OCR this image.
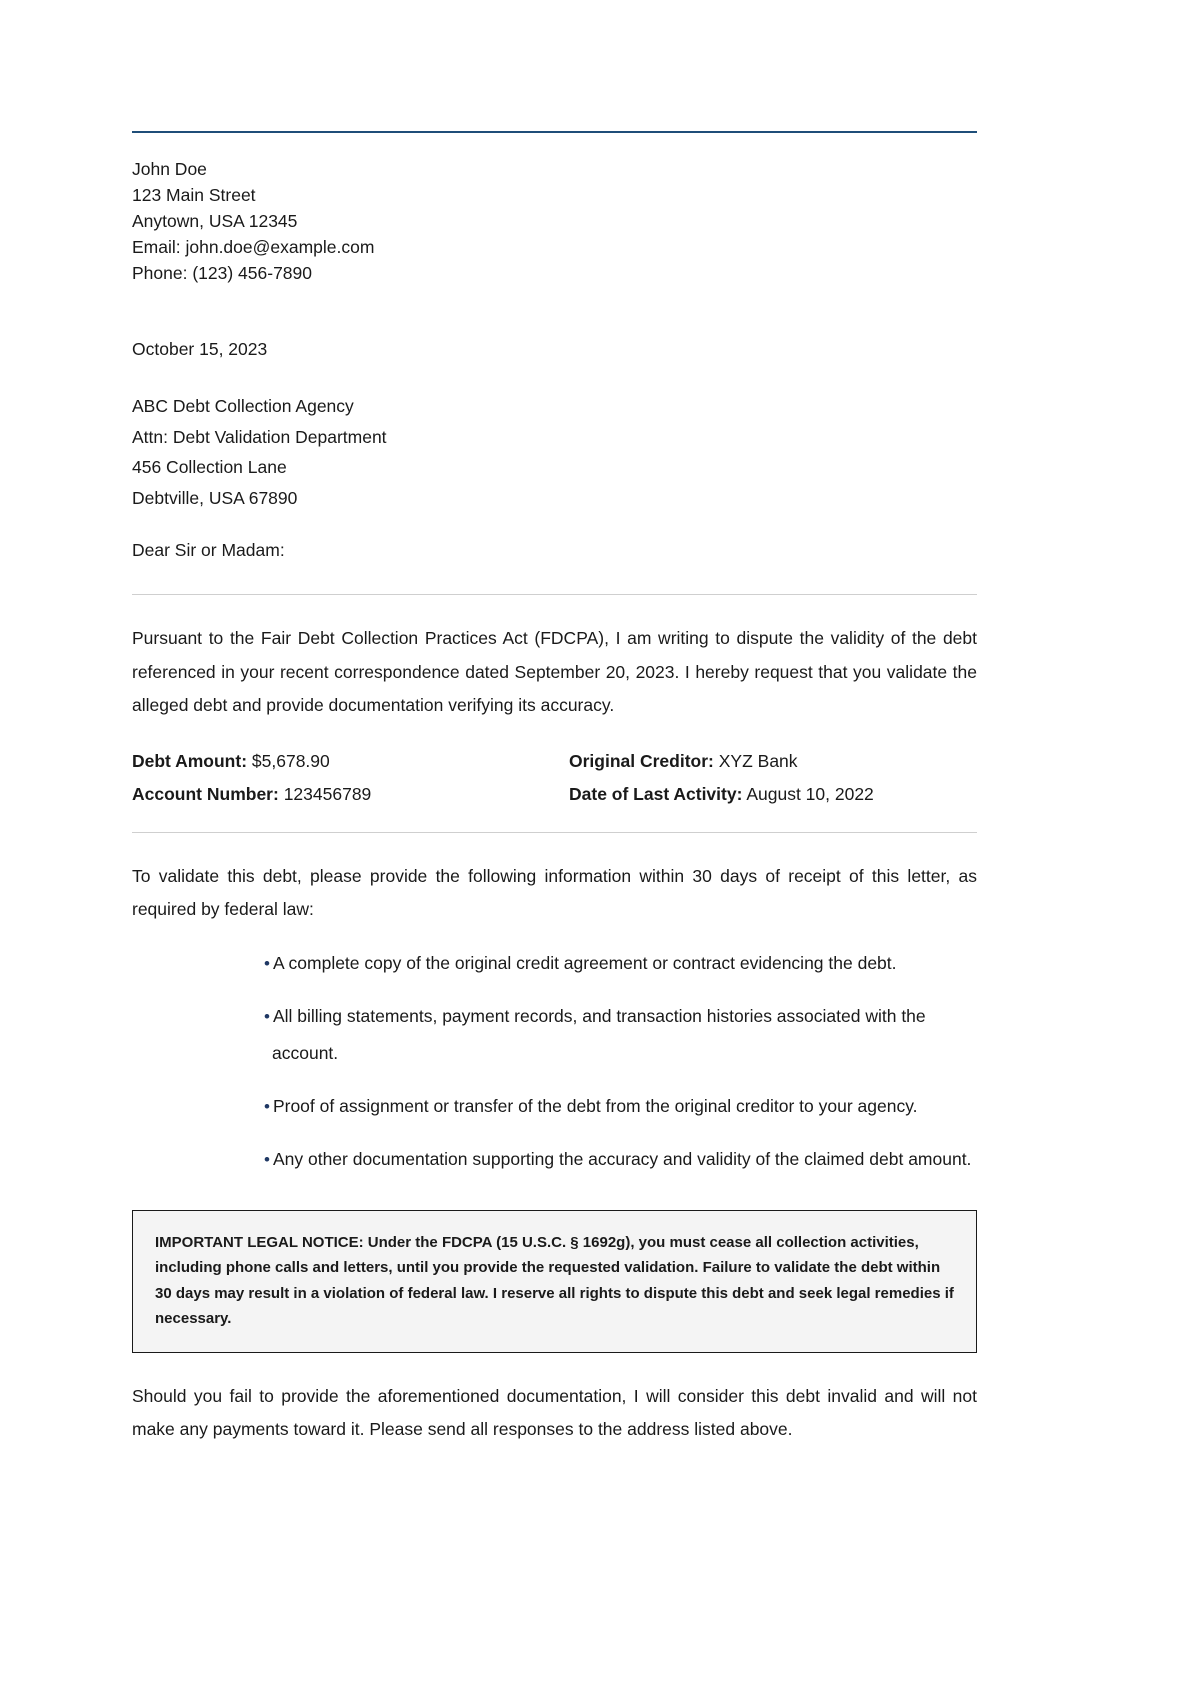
John Doe
123 Main Street
Anytown, USA 12345
Email: john.doe@example.com
Phone: (123) 456-7890
October 15, 2023
ABC Debt Collection Agency
Attn: Debt Validation Department
456 Collection Lane
Debtville, USA 67890
Dear Sir or Madam:
Pursuant to the Fair Debt Collection Practices Act (FDCPA), I am writing to dispute the validity of the debt referenced in your recent correspondence dated September 20, 2023. I hereby request that you validate the alleged debt and provide documentation verifying its accuracy.
Debt Amount: $5,678.90	Original Creditor: XYZ Bank
Account Number: 123456789	Date of Last Activity: August 10, 2022
To validate this debt, please provide the following information within 30 days of receipt of this letter, as required by federal law:
• A complete copy of the original credit agreement or contract evidencing the debt.
• All billing statements, payment records, and transaction histories associated with the account.
• Proof of assignment or transfer of the debt from the original creditor to your agency.
• Any other documentation supporting the accuracy and validity of the claimed debt amount.
IMPORTANT LEGAL NOTICE: Under the FDCPA (15 U.S.C. § 1692g), you must cease all collection activities, including phone calls and letters, until you provide the requested validation. Failure to validate the debt within 30 days may result in a violation of federal law. I reserve all rights to dispute this debt and seek legal remedies if necessary.
Should you fail to provide the aforementioned documentation, I will consider this debt invalid and will not make any payments toward it. Please send all responses to the address listed above.
